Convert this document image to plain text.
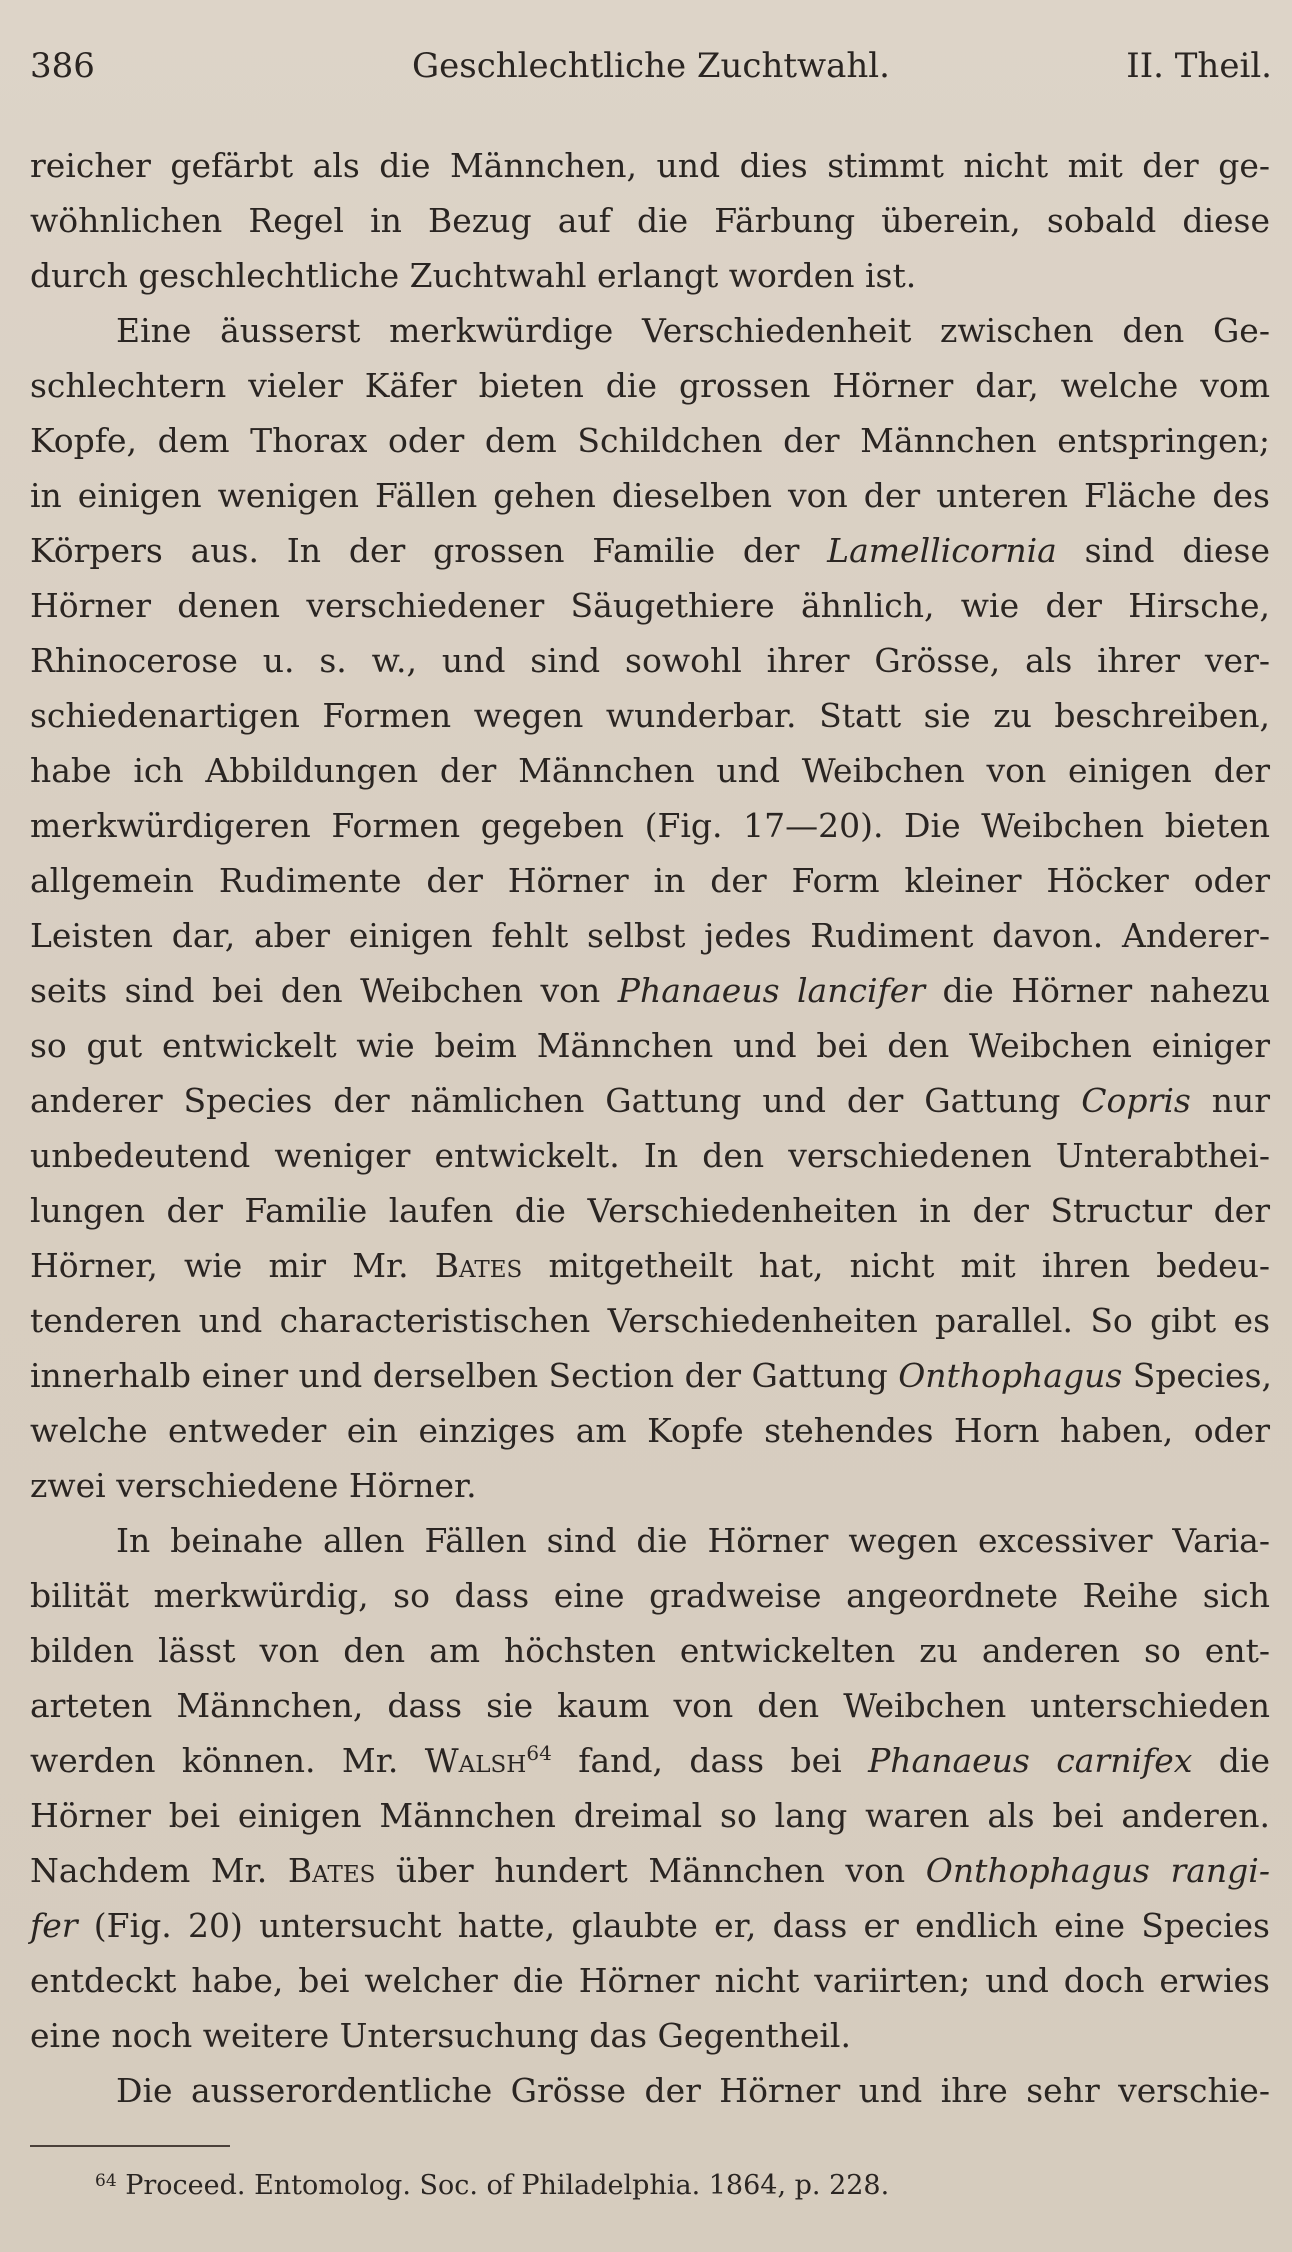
386	Geschlechtliche Zuchtwahl.	II. Theil.
reicher gefärbt als die Männchen, und dies stimmt nicht mit der ge-
wöhnlichen Regel in Bezug auf die Färbung überein, sobald diese
durch geschlechtliche Zuchtwahl erlangt worden ist.
Eine äusserst merkwürdige Verschiedenheit zwischen den Ge-
schlechtern vieler Käfer bieten die grossen Hörner dar, welche vom
Kopfe, dem Thorax oder dem Schildchen der Männchen entspringen;
in einigen wenigen Fällen gehen dieselben von der unteren Fläche des
Körpers aus. In der grossen Familie der Lamellicornia sind diese
Hörner denen verschiedener Säugethiere ähnlich, wie der Hirsche,
Rhinocerose u. s. w., und sind sowohl ihrer Grösse, als ihrer ver-
schiedenartigen Formen wegen wunderbar. Statt sie zu beschreiben,
habe ich Abbildungen der Männchen und Weibchen von einigen der
merkwürdigeren Formen gegeben (Fig. 17—20). Die Weibchen bieten
allgemein Rudimente der Hörner in der Form kleiner Höcker oder
Leisten dar, aber einigen fehlt selbst jedes Rudiment davon. Anderer-
seits sind bei den Weibchen von Phanaeus lancifer die Hörner nahezu
so gut entwickelt wie beim Männchen und bei den Weibchen einiger
anderer Species der nämlichen Gattung und der Gattung Copris nur
unbedeutend weniger entwickelt. In den verschiedenen Unterabthei-
lungen der Familie laufen die Verschiedenheiten in der Structur der
Hörner, wie mir Mr. Bates mitgetheilt hat, nicht mit ihren bedeu-
tenderen und characteristischen Verschiedenheiten parallel. So gibt es
innerhalb einer und derselben Section der Gattung Onthophagus Species,
welche entweder ein einziges am Kopfe stehendes Horn haben, oder
zwei verschiedene Hörner.
In beinahe allen Fällen sind die Hörner wegen excessiver Varia-
bilität merkwürdig, so dass eine gradweise angeordnete Reihe sich
bilden lässt von den am höchsten entwickelten zu anderen so ent-
arteten Männchen, dass sie kaum von den Weibchen unterschieden
werden können. Mr. Walsh$^{64}$ fand, dass bei Phanaeus carnifex die
Hörner bei einigen Männchen dreimal so lang waren als bei anderen.
Nachdem Mr. Bates über hundert Männchen von Onthophagus rangi-
fer (Fig. 20) untersucht hatte, glaubte er, dass er endlich eine Species
entdeckt habe, bei welcher die Hörner nicht variirten; und doch erwies
eine noch weitere Untersuchung das Gegentheil.
Die ausserordentliche Grösse der Hörner und ihre sehr verschie-
$^{64}$ Proceed. Entomolog. Soc. of Philadelphia. 1864, p. 228.
